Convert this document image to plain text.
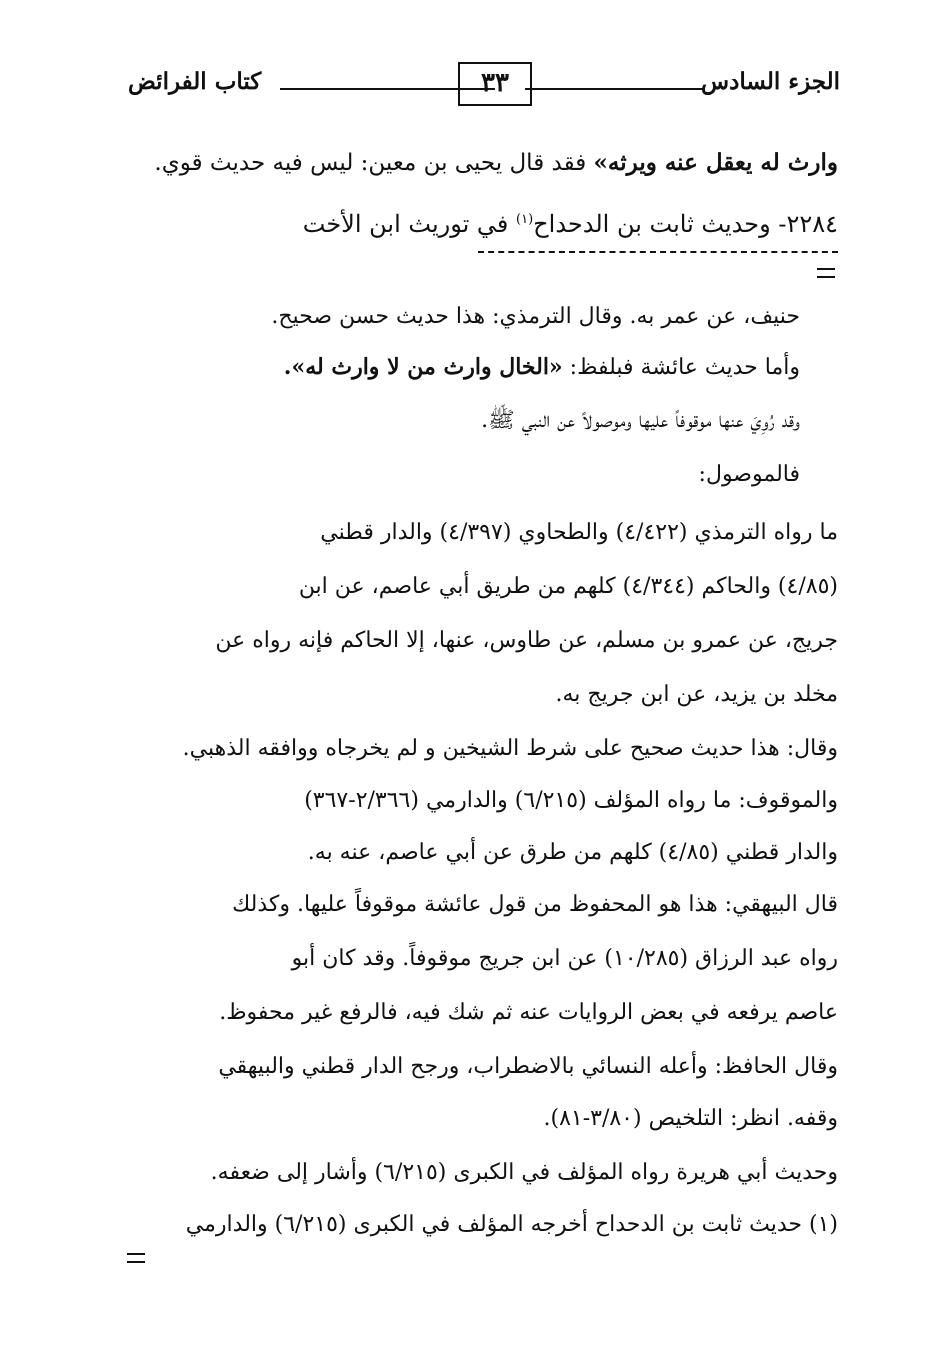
الجزء السادس
٣٣
كتاب الفرائض
وارث له يعقل عنه ويرثه» فقد قال يحيى بن معين: ليس فيه حديث قوي.
٢٢٨٤- وحديث ثابت بن الدحداح$^{(١)}$ في توريث ابن الأخت
حنيف، عن عمر به. وقال الترمذي: هذا حديث حسن صحيح.
وأما حديث عائشة فبلفظ: «الخال وارث من لا وارث له».
وقد رُوِيَ عنها موقوفاً عليها وموصولاً عن النبي ﷺ.
فالموصول:
ما رواه الترمذي (٤/٤٢٢) والطحاوي (٤/٣٩٧) والدار قطني
(٤/٨٥) والحاكم (٤/٣٤٤) كلهم من طريق أبي عاصم، عن ابن
جريج، عن عمرو بن مسلم، عن طاوس، عنها، إلا الحاكم فإنه رواه عن
مخلد بن يزيد، عن ابن جريج به.
وقال: هذا حديث صحيح على شرط الشيخين و لم يخرجاه ووافقه الذهبي.
والموقوف: ما رواه المؤلف (٦/٢١٥) والدارمي (٢/٣٦٦-٣٦٧)
والدار قطني (٤/٨٥) كلهم من طرق عن أبي عاصم، عنه به.
قال البيهقي: هذا هو المحفوظ من قول عائشة موقوفاً عليها. وكذلك
رواه عبد الرزاق (١٠/٢٨٥) عن ابن جريج موقوفاً. وقد كان أبو
عاصم يرفعه في بعض الروايات عنه ثم شك فيه، فالرفع غير محفوظ.
وقال الحافظ: وأعله النسائي بالاضطراب، ورجح الدار قطني والبيهقي
وقفه. انظر: التلخيص (٣/٨٠-٨١).
وحديث أبي هريرة رواه المؤلف في الكبرى (٦/٢١٥) وأشار إلى ضعفه.
(١) حديث ثابت بن الدحداح أخرجه المؤلف في الكبرى (٦/٢١٥) والدارمي
